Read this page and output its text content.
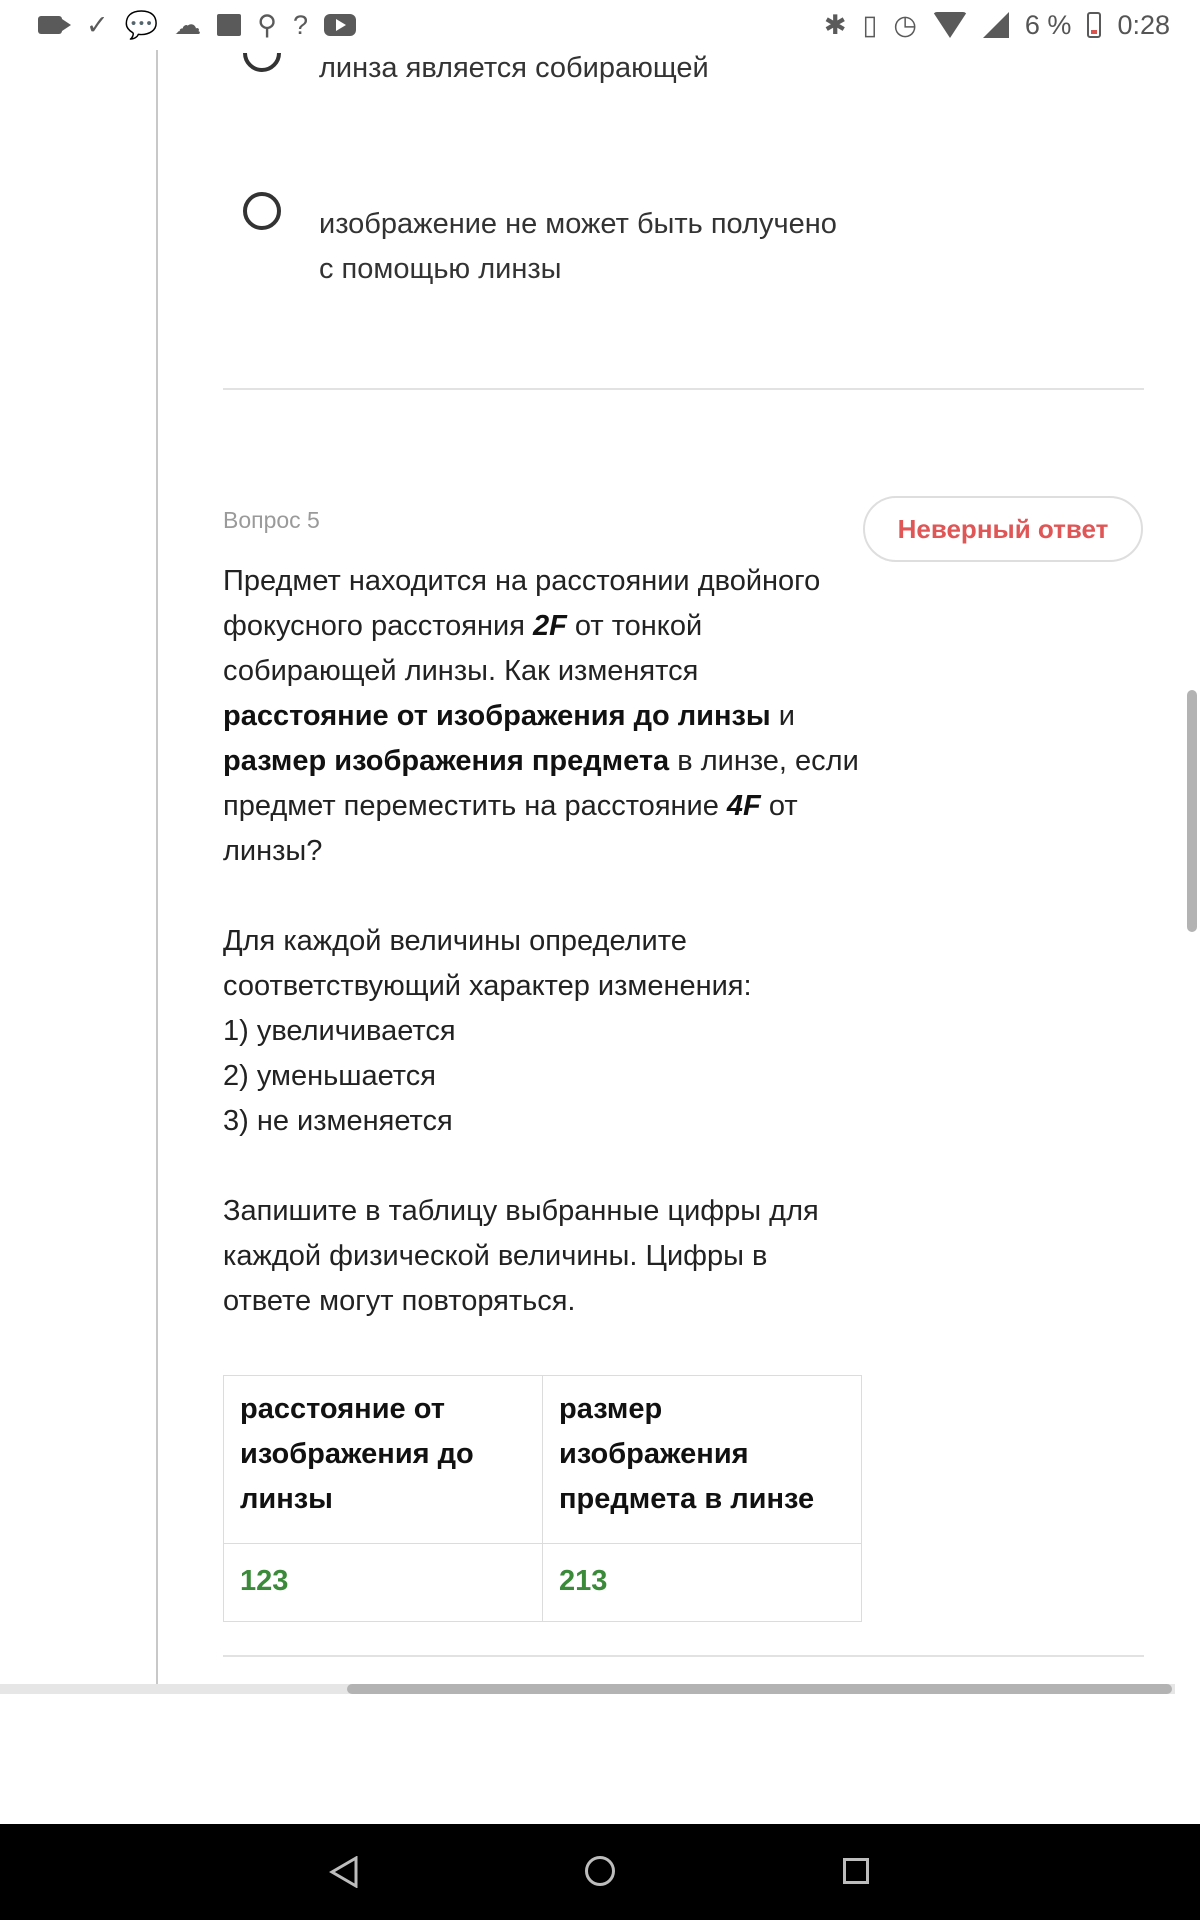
✓ 💬 ☁ ⚲ ?	✱ ▯ ◷	6 % 0:28
линза является собирающей
изображение не может быть получено с помощью линзы
Вопрос 5	Неверный ответ

Предмет находится на расстоянии двойного фокусного расстояния 2F от тонкой собирающей линзы. Как изменятся расстояние от изображения до линзы и размер изображения предмета в линзе, если предмет переместить на расстояние 4F от линзы?

Для каждой величины определите соответствующий характер изменения:

1) увеличивается

2) уменьшается

3) не изменяется

Запишите в таблицу выбранные цифры для каждой физической величины. Цифры в ответе могут повторяться.

расстояние от изображения до линзы	размер изображения предмета в линзе
123	213
